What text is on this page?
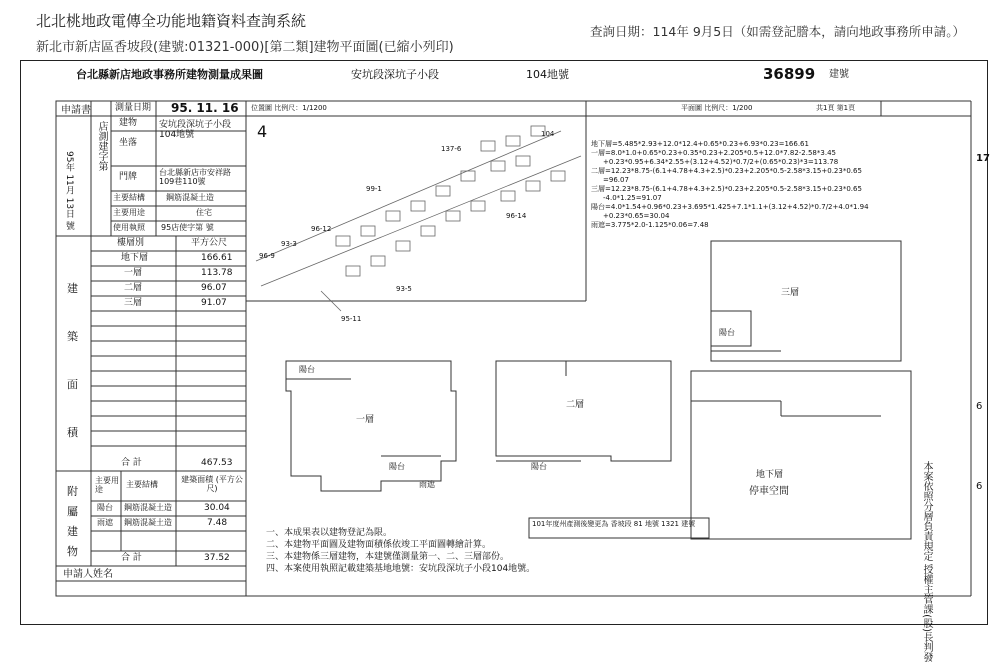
北北桃地政電傳全功能地籍資料查詢系統
新北市新店區香坡段(建號:01321-000)[第二類]建物平面圖(已縮小列印)
查詢日期：114年 9月5日（如需登記謄本，請向地政事務所申請。）
台北縣新店地政事務所建物測量成果圖	安坑段深坑子小段	104地號	36899 建號
申請書	測量日期 95. 11. 16
店測建字第
95年 11月 13日 號
建物
坐落
安坑段深坑子小段 104地號
門牌	台北縣新店市安祥路 109巷110號
主要結構	鋼筋混凝土造
主要用途	住宅
使用執照 95店使字第 號
樓層別	平方公尺
地下層	166.61
一層	113.78
二層	96.07
三層	91.07
建
築
面
積
合 計	467.53
附
屬
建
物
主要用途
主要結構
建築面積 (平方公尺)
陽台 鋼筋混凝土造	30.04
雨遮 鋼筋混凝土造	7.48
合 計	37.52
申請人姓名
位置圖 比例尺：1/1200	平面圖 比例尺：1/200	共1頁 第1頁
4	104
137-6
96-12
96-14
93-5
93-3
95-11
99-1
96-9
地下層=5.485*2.93+12.0*12.4+0.65*0.23+6.93*0.23=166.61
一層=8.0*1.0+0.65*0.23+0.35*0.23+2.205*0.5+12.0*7.82-2.58*3.45
+0.23*0.95+6.34*2.55+(3.12+4.52)*0.7/2+(0.65*0.23)*3=113.78
二層=12.23*8.75-(6.1+4.78+4.3+2.5)*0.23+2.205*0.5-2.58*3.15+0.23*0.65
=96.07
三層=12.23*8.75-(6.1+4.78+4.3+2.5)*0.23+2.205*0.5-2.58*3.15+0.23*0.65
-4.0*1.25=91.07
陽台=4.0*1.54+0.96*0.23+3.695*1.425+7.1*1.1+(3.12+4.52)*0.7/2+4.0*1.94
+0.23*0.65=30.04
雨遮=3.775*2.0-1.125*0.06=7.48
三層
陽台
一層
陽台
陽台
雨遮
二層
陽台
地下層
停車空間
一、本成果表以建物登記為限。
二、本建物平面圖及建物面積係依竣工平面圖轉繪計算。
三、本建物係三層建物，本建號僅測量第一、二、三層部份。
四、本案使用執照記載建築基地地號：安坑段深坑子小段104地號。
101年度州產測後變更為 香坡段 81 地號 1321 建號	本案依照分層負責規定 授權主管課(股)長判發
17
6
6
